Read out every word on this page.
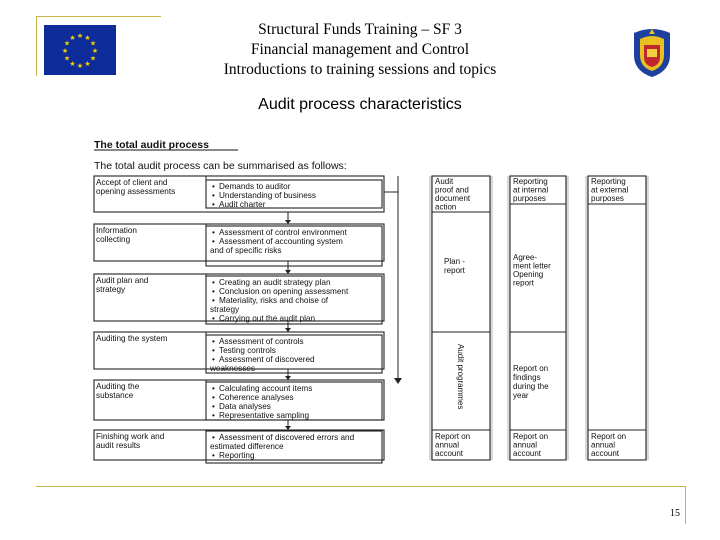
★ ★
★
★
★
★
★
★
★
★
★
★
Structural Funds Training – SF 3
Financial management and Control
Introductions to training sessions and topics
Audit process characteristics
The total audit process
The total audit process can be summarised as follows:
Accept of client and
opening assessments
• Demands to auditor
• Understanding of business
• Audit charter
Information
collecting
• Assessment of control environment
• Assessment of accounting system
and of specific risks
Audit plan and
strategy
• Creating an audit strategy plan
• Conclusion on opening assessment
• Materiality, risks and choise of
strategy
• Carrying out the audit plan
Auditing the system	• Assessment of controls
• Testing controls
• Assessment of discovered
weaknesses
Auditing the
substance
• Calculating account items
• Coherence analyses
• Data analyses
• Representative sampling
Finishing work and
audit results
• Assessment of discovered errors and
estimated difference
• Reporting
Audit
proof and
document
action
Report on
annual
account
Plan -
report
Audit programmes
Reporting
at internal
purposes
Report on
annual
account
Agree-
ment letter
Opening
report
Report on
findings
during the
year
Reporting
at external
purposes
Report on
annual
account
15
